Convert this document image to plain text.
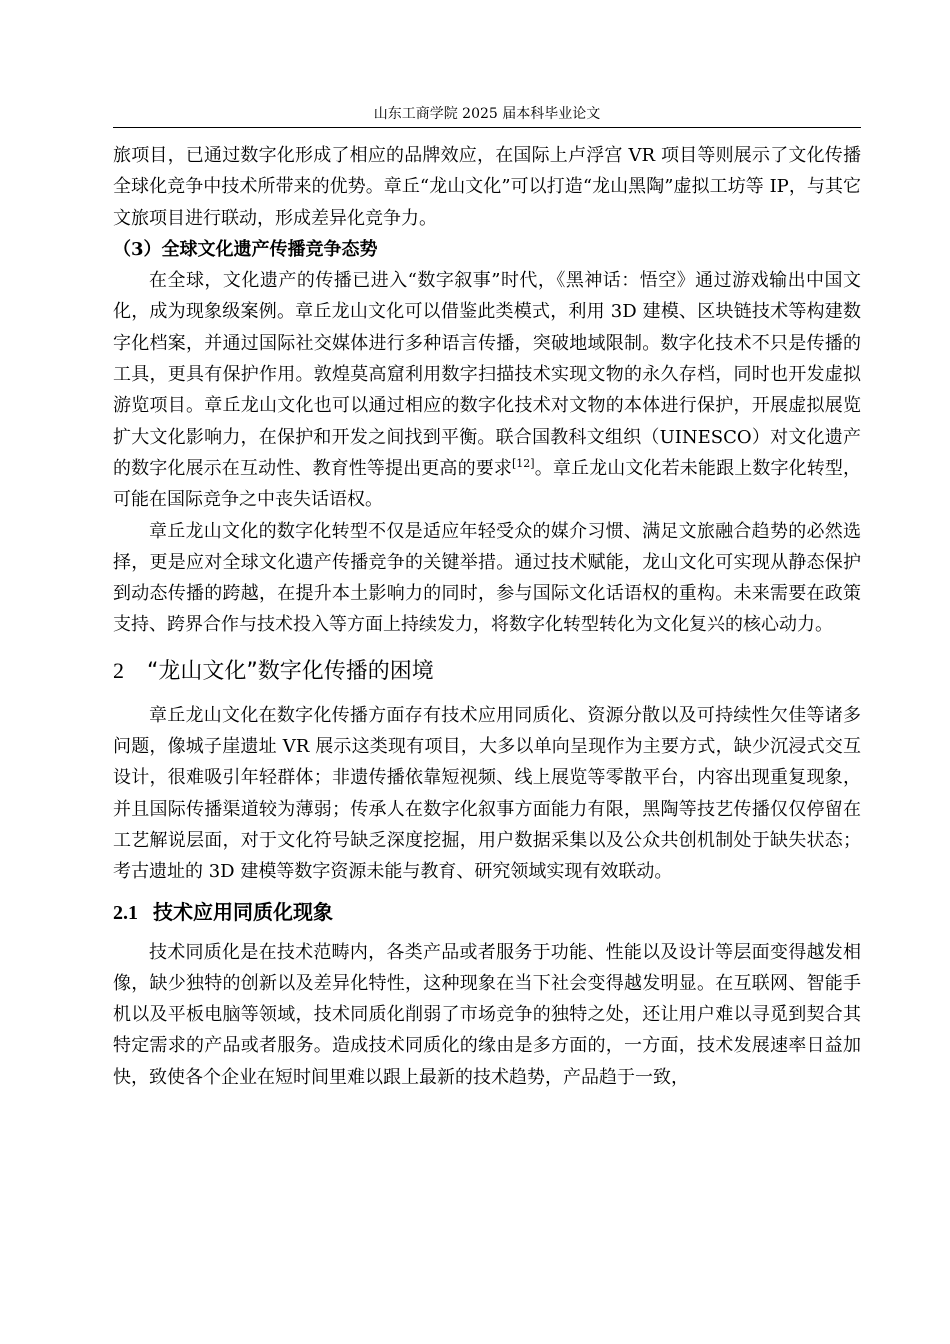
山东工商学院 2025 届本科毕业论文

旅项目，已通过数字化形成了相应的品牌效应，在国际上卢浮宫 VR 项目等则展示了文化传播全球化竞争中技术所带来的优势。章丘“龙山文化”可以打造“龙山黑陶”虚拟工坊等 IP，与其它文旅项目进行联动，形成差异化竞争力。

（3）全球文化遗产传播竞争态势

在全球，文化遗产的传播已进入“数字叙事”时代，《黑神话：悟空》通过游戏输出中国文化，成为现象级案例。章丘龙山文化可以借鉴此类模式，利用 3D 建模、区块链技术等构建数字化档案，并通过国际社交媒体进行多种语言传播，突破地域限制。数字化技术不只是传播的工具，更具有保护作用。敦煌莫高窟利用数字扫描技术实现文物的永久存档，同时也开发虚拟游览项目。章丘龙山文化也可以通过相应的数字化技术对文物的本体进行保护，开展虚拟展览扩大文化影响力，在保护和开发之间找到平衡。联合国教科文组织（UINESCO）对文化遗产的数字化展示在互动性、教育性等提出更高的要求[12]。章丘龙山文化若未能跟上数字化转型，可能在国际竞争之中丧失话语权。

章丘龙山文化的数字化转型不仅是适应年轻受众的媒介习惯、满足文旅融合趋势的必然选择，更是应对全球文化遗产传播竞争的关键举措。通过技术赋能，龙山文化可实现从静态保护到动态传播的跨越，在提升本土影响力的同时，参与国际文化话语权的重构。未来需要在政策支持、跨界合作与技术投入等方面上持续发力，将数字化转型转化为文化复兴的核心动力。

2 “龙山文化”数字化传播的困境

章丘龙山文化在数字化传播方面存有技术应用同质化、资源分散以及可持续性欠佳等诸多问题，像城子崖遗址 VR 展示这类现有项目，大多以单向呈现作为主要方式，缺少沉浸式交互设计，很难吸引年轻群体；非遗传播依靠短视频、线上展览等零散平台，内容出现重复现象，并且国际传播渠道较为薄弱；传承人在数字化叙事方面能力有限，黑陶等技艺传播仅仅停留在工艺解说层面，对于文化符号缺乏深度挖掘，用户数据采集以及公众共创机制处于缺失状态；考古遗址的 3D 建模等数字资源未能与教育、研究领域实现有效联动。

2.1 技术应用同质化现象

技术同质化是在技术范畴内，各类产品或者服务于功能、性能以及设计等层面变得越发相像，缺少独特的创新以及差异化特性，这种现象在当下社会变得越发明显。在互联网、智能手机以及平板电脑等领域，技术同质化削弱了市场竞争的独特之处，还让用户难以寻觅到契合其特定需求的产品或者服务。造成技术同质化的缘由是多方面的，一方面，技术发展速率日益加快，致使各个企业在短时间里难以跟上最新的技术趋势，产品趋于一致，
